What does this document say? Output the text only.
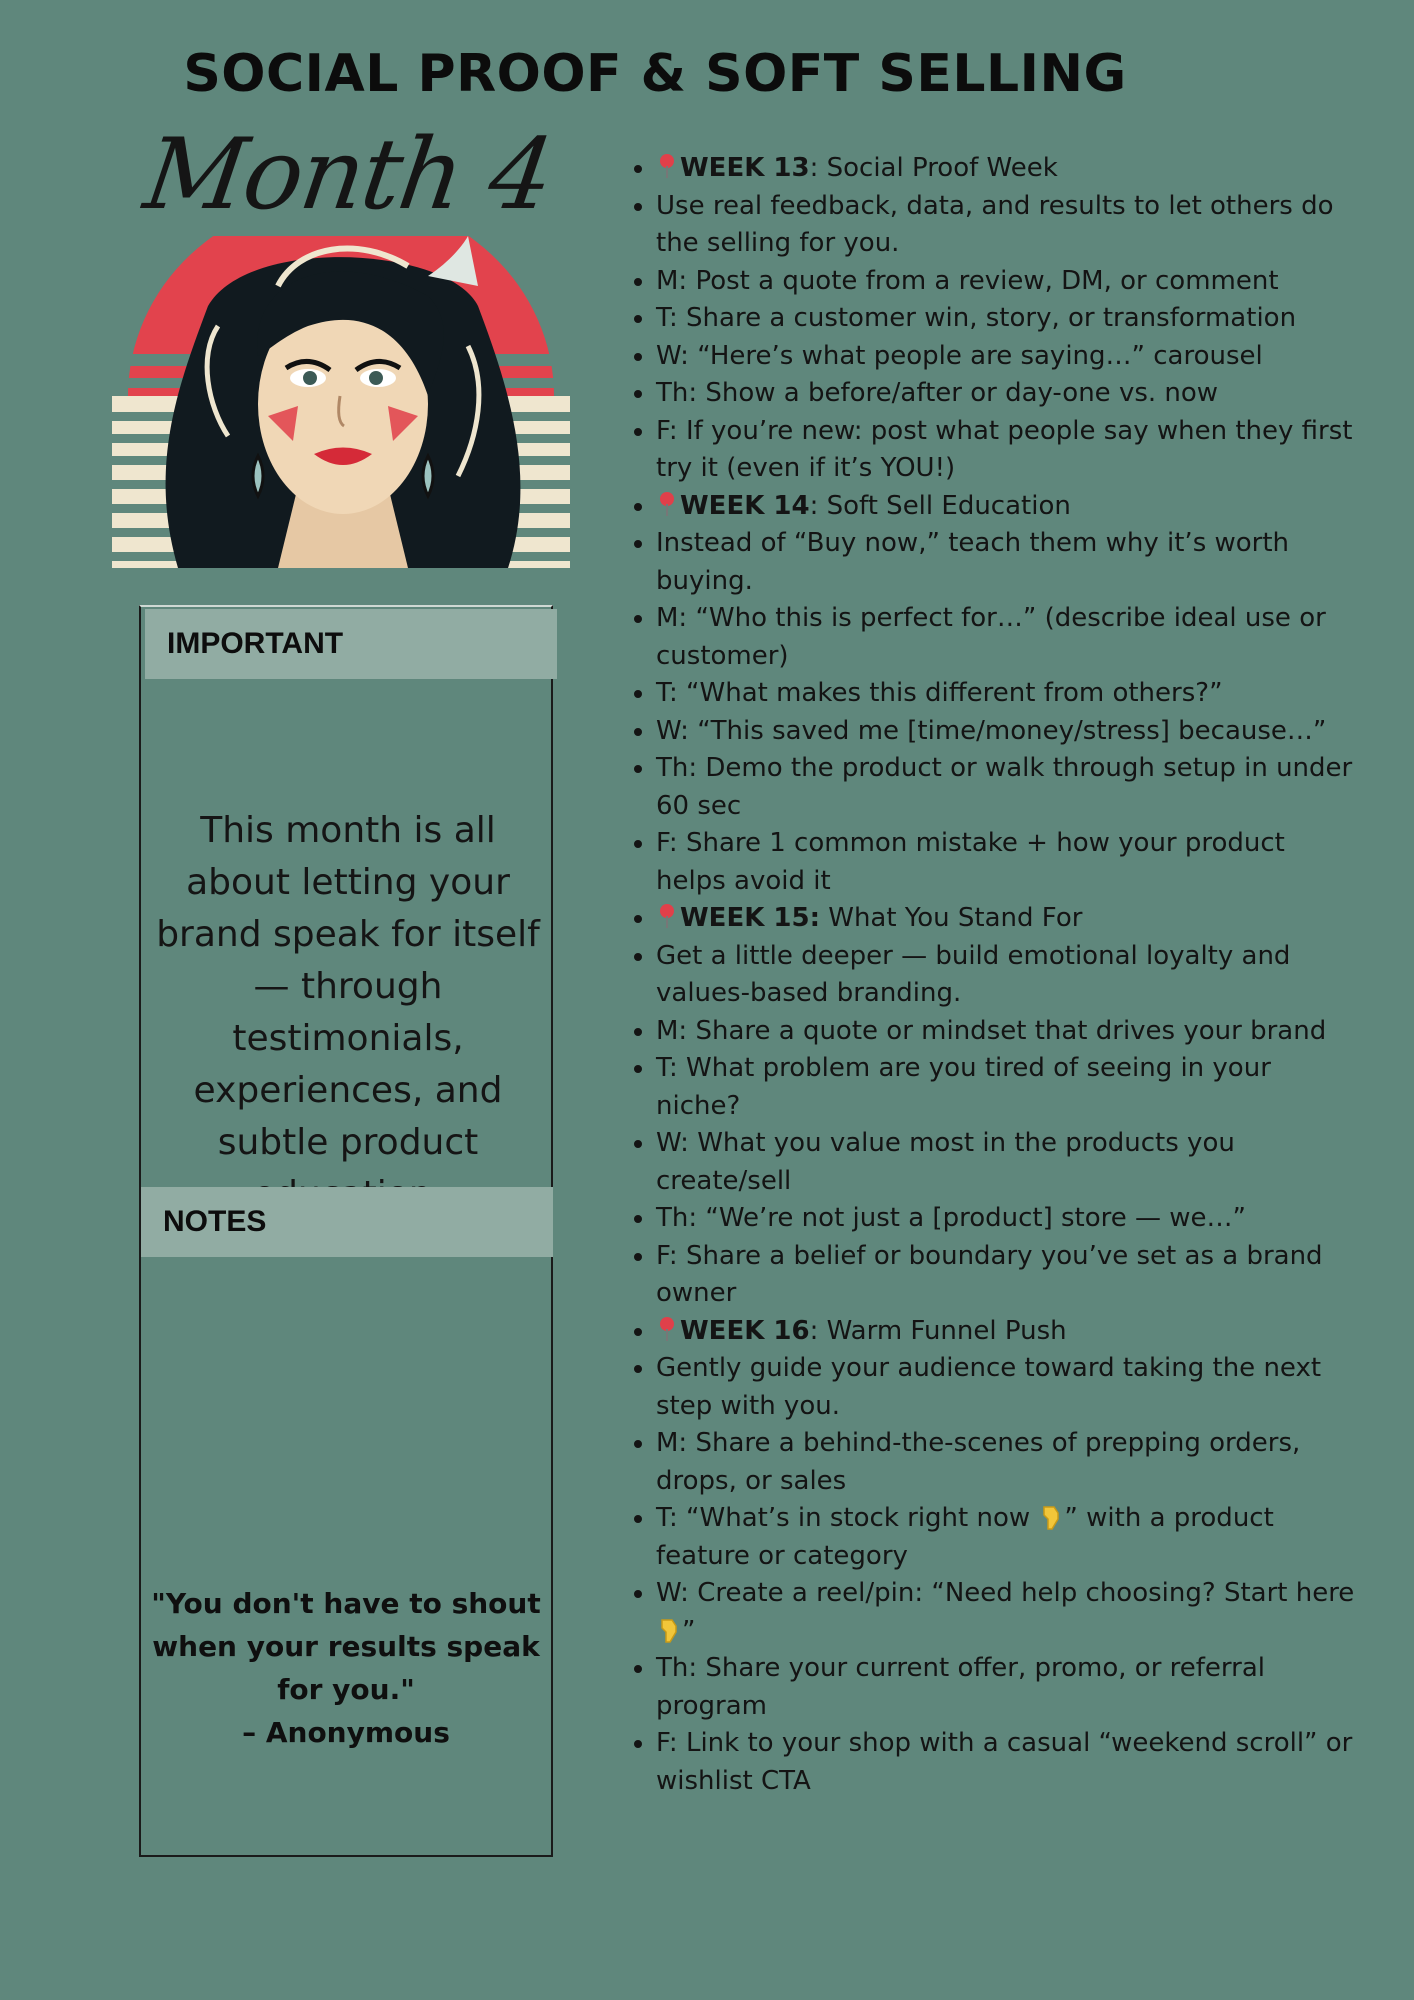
SOCIAL PROOF & SOFT SELLING
Month 4
IMPORTANT
This month is all about letting your brand speak for itself — through testimonials, experiences, and subtle product
NOTES
"You don't have to shout when your results speak for you."
– Anonymous
• WEEK 13: Social Proof Week
• Use real feedback, data, and results to let others do the selling for you.
• M: Post a quote from a review, DM, or comment
• T: Share a customer win, story, or transformation
• W: “Here’s what people are saying…” carousel
• Th: Show a before/after or day-one vs. now
• F: If you’re new: post what people say when they first try it (even if it’s YOU!)
• WEEK 14: Soft Sell Education
• Instead of “Buy now,” teach them why it’s worth buying.
• M: “Who this is perfect for…” (describe ideal use or customer)
• T: “What makes this different from others?”
• W: “This saved me [time/money/stress] because…”
• Th: Demo the product or walk through setup in under 60 sec
• F: Share 1 common mistake + how your product helps avoid it
• WEEK 15: What You Stand For
• Get a little deeper — build emotional loyalty and values-based branding.
• M: Share a quote or mindset that drives your brand
• T: What problem are you tired of seeing in your niche?
• W: What you value most in the products you create/sell
• Th: “We’re not just a [product] store — we…”
• F: Share a belief or boundary you’ve set as a brand owner
• WEEK 16: Warm Funnel Push
• Gently guide your audience toward taking the next step with you.
• M: Share a behind-the-scenes of prepping orders, drops, or sales
• T: “What’s in stock right now ” with a product feature or category
• W: Create a reel/pin: “Need help choosing? Start here ”
• Th: Share your current offer, promo, or referral program
• F: Link to your shop with a casual “weekend scroll” or wishlist CTA
